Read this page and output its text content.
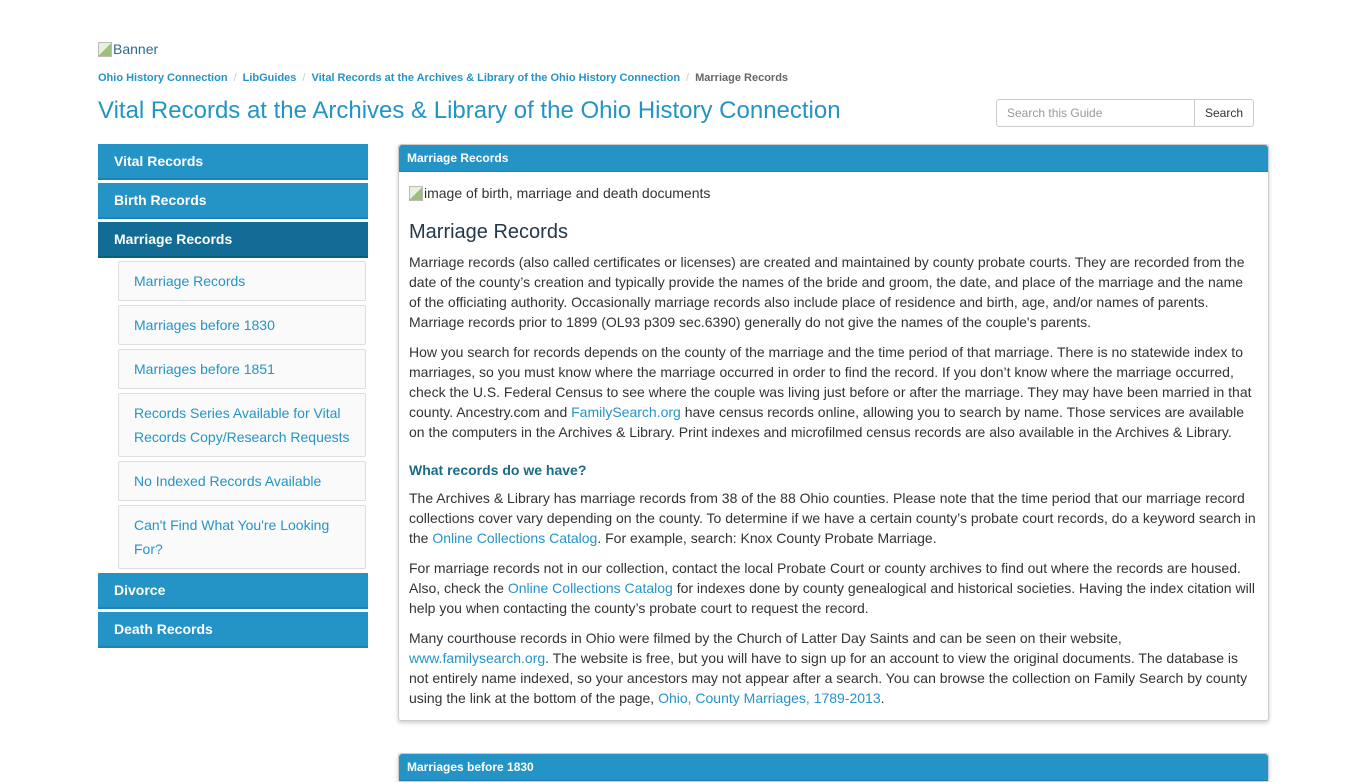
Banner
Ohio History Connection / LibGuides / Vital Records at the Archives & Library of the Ohio History Connection / Marriage Records
Vital Records at the Archives & Library of the Ohio History Connection
Search this Guide	Search
Vital Records
Birth Records
Marriage Records
Marriage Records
Marriages before 1830
Marriages before 1851
Records Series Available for Vital Records Copy/Research Requests
No Indexed Records Available
Can't Find What You're Looking For?
Divorce
Death Records
Marriage Records
image of birth, marriage and death documents
Marriage Records

Marriage records (also called certificates or licenses) are created and maintained by county probate courts. They are recorded from the date of the county’s creation and typically provide the names of the bride and groom, the date, and place of the marriage and the name of the officiating authority. Occasionally marriage records also include place of residence and birth, age, and/or names of parents. Marriage records prior to 1899 (OL93 p309 sec.6390) generally do not give the names of the couple's parents.

How you search for records depends on the county of the marriage and the time period of that marriage. There is no statewide index to marriages, so you must know where the marriage occurred in order to find the record. If you don’t know where the marriage occurred, check the U.S. Federal Census to see where the couple was living just before or after the marriage. They may have been married in that county. Ancestry.com and FamilySearch.org have census records online, allowing you to search by name. Those services are available on the computers in the Archives & Library. Print indexes and microfilmed census records are also available in the Archives & Library.

What records do we have?

The Archives & Library has marriage records from 38 of the 88 Ohio counties. Please note that the time period that our marriage record collections cover vary depending on the county. To determine if we have a certain county’s probate court records, do a keyword search in the Online Collections Catalog. For example, search: Knox County Probate Marriage.

For marriage records not in our collection, contact the local Probate Court or county archives to find out where the records are housed. Also, check the Online Collections Catalog for indexes done by county genealogical and historical societies. Having the index citation will help you when contacting the county’s probate court to request the record.

Many courthouse records in Ohio were filmed by the Church of Latter Day Saints and can be seen on their website, www.familysearch.org. The website is free, but you will have to sign up for an account to view the original documents. The database is not entirely name indexed, so your ancestors may not appear after a search. You can browse the collection on Family Search by county using the link at the bottom of the page, Ohio, County Marriages, 1789-2013.

Marriages before 1830
